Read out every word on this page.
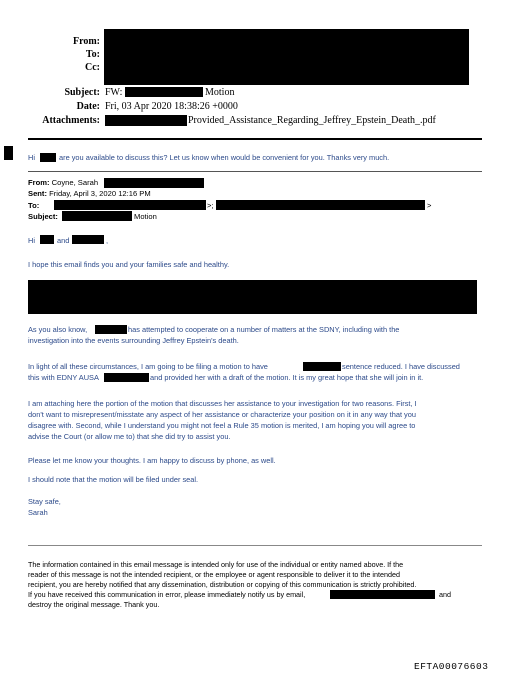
From:
To:
Cc:
Subject: FW:	Motion
Date: Fri, 03 Apr 2020 18:38:26 +0000
Attachments:	Provided_Assistance_Regarding_Jeffrey_Epstein_Death_.pdf
Hi	are you available to discuss this? Let us know when would be convenient for you. Thanks very much.
From: Coyne, Sarah
Sent: Friday, April 3, 2020 12:16 PM
To:	>;	>
Subject:	Motion
Hi	and	,
I hope this email finds you and your families safe and healthy.
As you also know,	has attempted to cooperate on a number of matters at the SDNY, including with the
investigation into the events surrounding Jeffrey Epstein's death.
In light of all these circumstances, I am going to be filing a motion to have	sentence reduced. I have discussed
this with EDNY AUSA	and provided her with a draft of the motion. It is my great hope that she will join in it.
I am attaching here the portion of the motion that discusses her assistance to your investigation for two reasons. First, I
don't want to misrepresent/misstate any aspect of her assistance or characterize your position on it in any way that you
disagree with. Second, while I understand you might not feel a Rule 35 motion is merited, I am hoping you will agree to
advise the Court (or allow me to) that she did try to assist you.
Please let me know your thoughts. I am happy to discuss by phone, as well.
I should note that the motion will be filed under seal.
Stay safe,
Sarah
The information contained in this email message is intended only for use of the individual or entity named above. If the
reader of this message is not the intended recipient, or the employee or agent responsible to deliver it to the intended
recipient, you are hereby notified that any dissemination, distribution or copying of this communication is strictly prohibited.
If you have received this communication in error, please immediately notify us by email,	and
destroy the original message. Thank you.
EFTA00076603
